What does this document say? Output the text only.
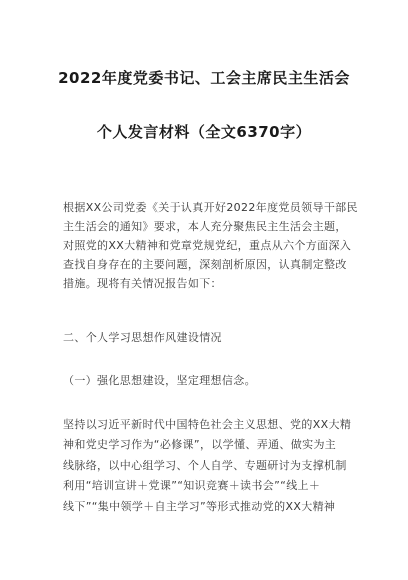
2022年度党委书记、工会主席民主生活会
个人发言材料（全文6370字）
根据XX公司党委《关于认真开好2022年度党员领导干部民
主生活会的通知》要求，本人充分聚焦民主生活会主题，
对照党的XX大精神和党章党规党纪，重点从六个方面深入
查找自身存在的主要问题，深刻剖析原因，认真制定整改
措施。现将有关情况报告如下：
二、个人学习思想作风建设情况
（一）强化思想建设，坚定理想信念。
坚持以习近平新时代中国特色社会主义思想、党的XX大精
神和党史学习作为“必修课”，以学懂、弄通、做实为主
线脉络，以中心组学习、个人自学、专题研讨为支撑机制
利用“培训宣讲＋党课”“知识竞赛＋读书会”“线上＋
线下”“集中领学＋自主学习”等形式推动党的XX大精神
